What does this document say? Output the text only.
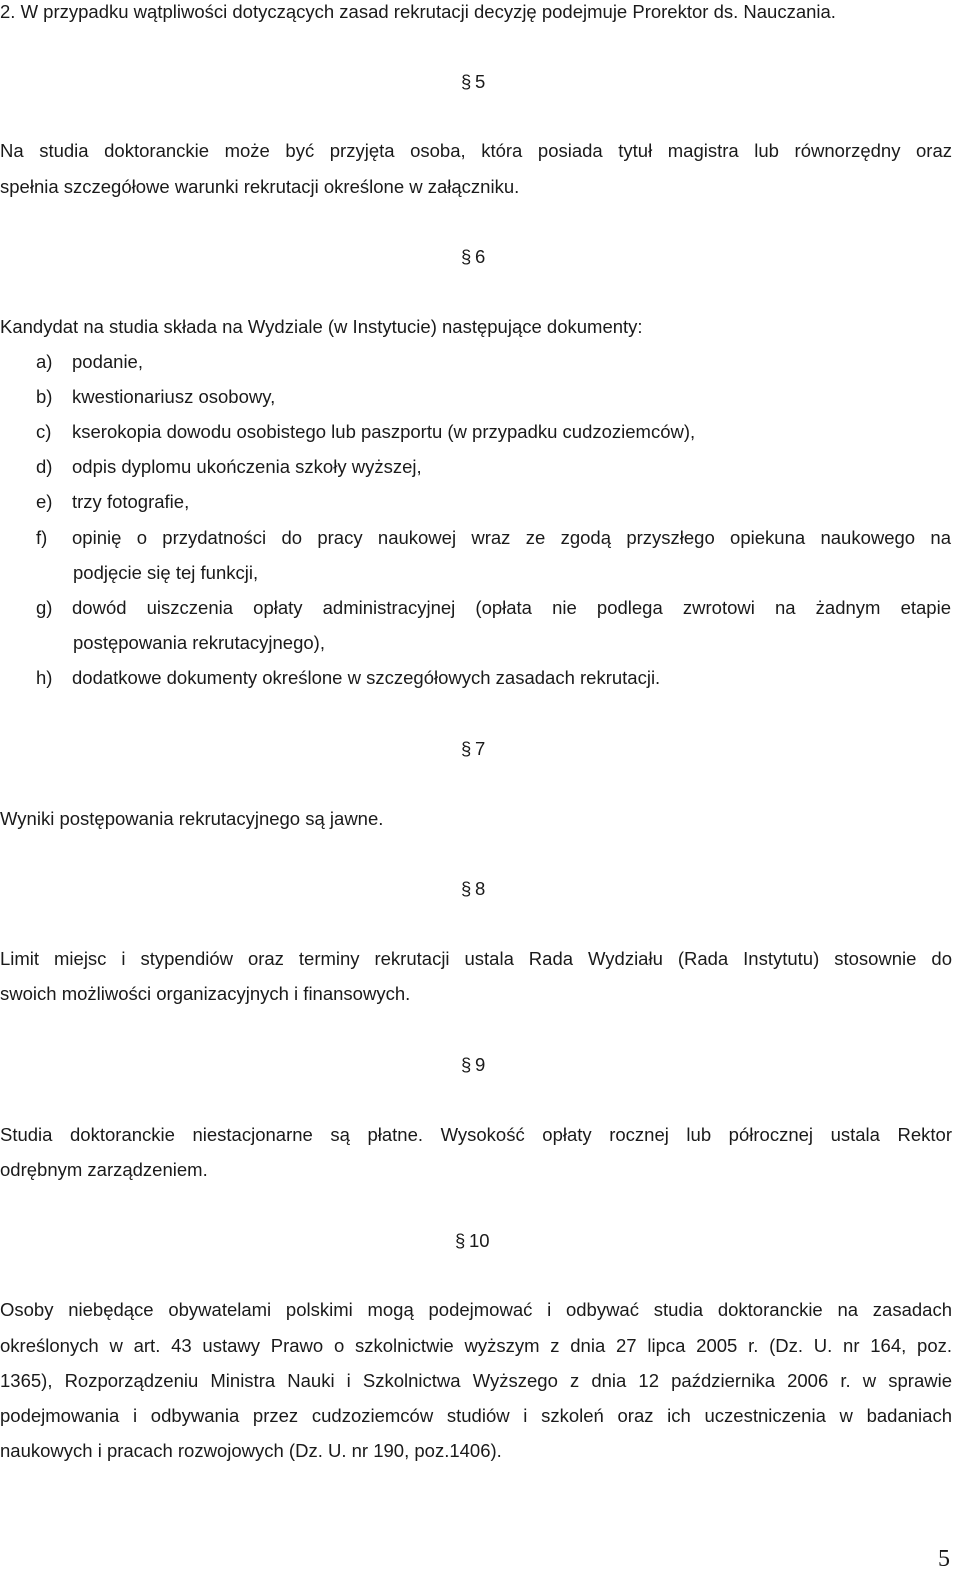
2. W przypadku wątpliwości dotyczących zasad rekrutacji decyzję podejmuje Prorektor ds. Nauczania.
§ 5
Na studia doktoranckie może być przyjęta osoba, która posiada tytuł magistra lub równorzędny oraz
spełnia szczegółowe warunki rekrutacji określone w załączniku.
§ 6
Kandydat na studia składa na Wydziale (w Instytucie) następujące dokumenty:
a) podanie,
b) kwestionariusz osobowy,
c) kserokopia dowodu osobistego lub paszportu (w przypadku cudzoziemców),
d) odpis dyplomu ukończenia szkoły wyższej,
e) trzy fotografie,
f) opinię o przydatności do pracy naukowej wraz ze zgodą przyszłego opiekuna naukowego na
podjęcie się tej funkcji,
g) dowód uiszczenia opłaty administracyjnej (opłata nie podlega zwrotowi na żadnym etapie
postępowania rekrutacyjnego),
h) dodatkowe dokumenty określone w szczegółowych zasadach rekrutacji.
§ 7
Wyniki postępowania rekrutacyjnego są jawne.
§ 8
Limit miejsc i stypendiów oraz terminy rekrutacji ustala Rada Wydziału (Rada Instytutu) stosownie do
swoich możliwości organizacyjnych i finansowych.
§ 9
Studia doktoranckie niestacjonarne są płatne. Wysokość opłaty rocznej lub półrocznej ustala Rektor
odrębnym zarządzeniem.
§ 10
Osoby niebędące obywatelami polskimi mogą podejmować i odbywać studia doktoranckie na zasadach
określonych w art. 43 ustawy Prawo o szkolnictwie wyższym z dnia 27 lipca 2005 r. (Dz. U. nr 164, poz.
1365), Rozporządzeniu Ministra Nauki i Szkolnictwa Wyższego z dnia 12 października 2006 r. w sprawie
podejmowania i odbywania przez cudzoziemców studiów i szkoleń oraz ich uczestniczenia w badaniach
naukowych i pracach rozwojowych (Dz. U. nr 190, poz.1406).
5
